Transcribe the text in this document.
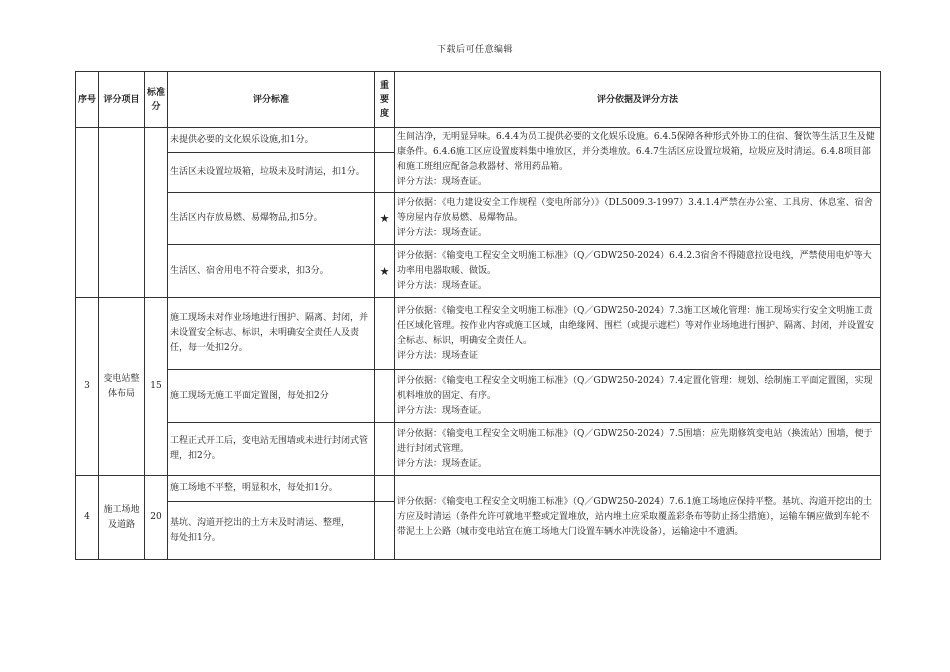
下载后可任意编辑
序号	评分项目	标准分	评分标准	重要度	评分依据及评分方法
			未提供必要的文化娱乐设施,扣1分。		生间洁净，无明显异味。6.4.4为员工提供必要的文化娱乐设施。6.4.5保障各种形式外协工的住宿、餐饮等生活卫生及健康条件。6.4.6施工区应设置废料集中堆放区，并分类堆放。6.4.7生活区应设置垃圾箱，垃圾应及时清运。6.4.8项目部和施工班组应配备急救器材、常用药品箱。
评分方法：现场查证。
			生活区未设置垃圾箱，垃圾未及时清运，扣1分。		
			生活区内存放易燃、易爆物品,扣5分。	★	评分依据：《电力建设安全工作规程（变电所部分）》（DL5009.3-1997）3.4.1.4严禁在办公室、工具房、休息室、宿舍等房屋内存放易燃、易爆物品。
评分方法：现场查证。
			生活区、宿舍用电不符合要求，扣3分。	★	评分依据：《输变电工程安全文明施工标准》（Q／GDW250-2024）6.4.2.3宿舍不得随意拉设电线，严禁使用电炉等大功率用电器取暖、做饭。
评分方法：现场查证。
3	变电站整体布局	15	施工现场未对作业场地进行围护、隔离、封闭，并未设置安全标志、标识，未明确安全责任人及责任，每一处扣2分。		评分依据：《输变电工程安全文明施工标准》（Q／GDW250-2024）7.3施工区域化管理：施工现场实行安全文明施工责任区域化管理。按作业内容或施工区域，由绝缘网、围栏（或提示遮栏）等对作业场地进行围护、隔离、封闭，并设置安全标志、标识，明确安全责任人。
评分方法：现场查证
			施工现场无施工平面定置图，每处扣2分		评分依据：《输变电工程安全文明施工标准》（Q／GDW250-2024）7.4定置化管理：规划、绘制施工平面定置图，实现机料堆放的固定、有序。
评分方法：现场查证。
			工程正式开工后，变电站无围墙或未进行封闭式管理，扣2分。		评分依据：《输变电工程安全文明施工标准》（Q／GDW250-2024）7.5围墙：应先期修筑变电站（换流站）围墙，便于进行封闭式管理。
评分方法：现场查证。
4	施工场地及道路	20	施工场地不平整，明显积水，每处扣1分。		评分依据：《输变电工程安全文明施工标准》（Q／GDW250-2024）7.6.1施工场地应保持平整。基坑、沟道开挖出的土方应及时清运（条件允许可就地平整或定置堆放，站内堆土应采取覆盖彩条布等防止扬尘措施），运输车辆应做到车轮不带泥土上公路（城市变电站宜在施工场地大门设置车辆水冲洗设备），运输途中不遗洒。
			基坑、沟道开挖出的土方未及时清运、整理，
每处扣1分。		
